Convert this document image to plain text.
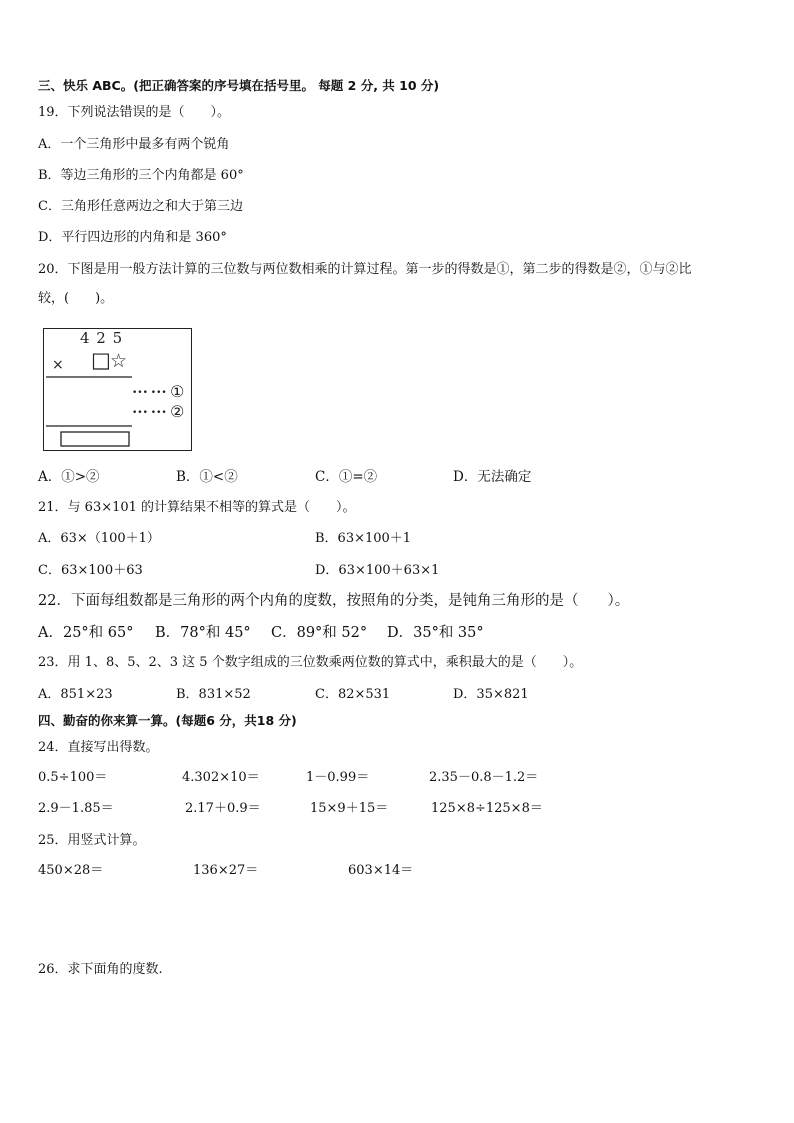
三、快乐 ABC。(把正确答案的序号填在括号里。 每题 2 分, 共 10 分)
19．下列说法错误的是（　　）。
A．一个三角形中最多有两个锐角
B．等边三角形的三个内角都是 60°
C．三角形任意两边之和大于第三边
D．平行四边形的内角和是 360°
20．下图是用一般方法计算的三位数与两位数相乘的计算过程。第一步的得数是①，第二步的得数是②，①与②比
较，(　　)。
4 2 5
× □ ☆
••• ••• ①
••• ••• ②
A．①>②	B．①<②	C．①=②	D．无法确定
21．与 63×101 的计算结果不相等的算式是（　　）。
A．63×（100＋1）	B．63×100＋1
C．63×100＋63	D．63×100＋63×1
22．下面每组数都是三角形的两个内角的度数，按照角的分类，是钝角三角形的是（　　）。
A．25°和 65° B．78°和 45° C．89°和 52° D．35°和 35°
23．用 1、8、5、2、3 这 5 个数字组成的三位数乘两位数的算式中，乘积最大的是（　　）。
A．851×23	B．831×52	C．82×531	D．35×821
四、勤奋的你来算一算。(每题6 分，共18 分)
24．直接写出得数。
0.5÷100＝	4.302×10＝	1－0.99＝	2.35－0.8－1.2＝
2.9－1.85＝	2.17＋0.9＝	15×9＋15＝	125×8÷125×8＝
25．用竖式计算。
450×28＝	136×27＝	603×14＝
26．求下面角的度数.
